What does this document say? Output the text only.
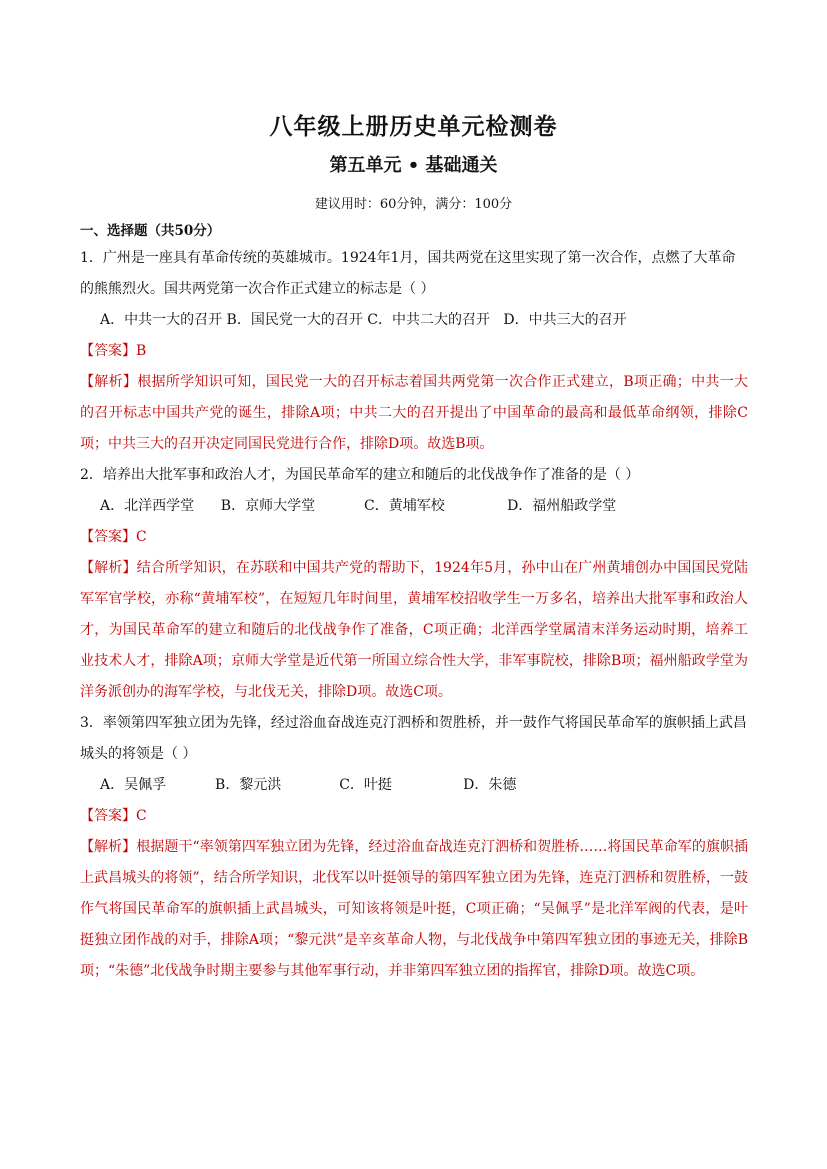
八年级上册历史单元检测卷
第五单元 • 基础通关
建议用时：60分钟，满分：100分
一、选择题（共50分）

1．广州是一座具有革命传统的英雄城市。1924年1月，国共两党在这里实现了第一次合作，点燃了大革命的熊熊烈火。国共两党第一次合作正式建立的标志是（ ）

A．中共一大的召开 B．国民党一大的召开 C．中共二大的召开   D．中共三大的召开

【答案】B

【解析】根据所学知识可知，国民党一大的召开标志着国共两党第一次合作正式建立，B项正确；中共一大的召开标志中国共产党的诞生，排除A项；中共二大的召开提出了中国革命的最高和最低革命纲领，排除C项；中共三大的召开决定同国民党进行合作，排除D项。故选B项。

2．培养出大批军事和政治人才，为国民革命军的建立和随后的北伐战争作了准备的是（ ）

A．北洋西学堂      B．京师大学堂           C．黄埔军校              D．福州船政学堂

【答案】C

【解析】结合所学知识，在苏联和中国共产党的帮助下，1924年5月，孙中山在广州黄埔创办中国国民党陆军军官学校，亦称“黄埔军校”，在短短几年时间里，黄埔军校招收学生一万多名，培养出大批军事和政治人才，为国民革命军的建立和随后的北伐战争作了准备，C项正确；北洋西学堂属清末洋务运动时期，培养工业技术人才，排除A项；京师大学堂是近代第一所国立综合性大学，非军事院校，排除B项；福州船政学堂为洋务派创办的海军学校，与北伐无关，排除D项。故选C项。

3．率领第四军独立团为先锋，经过浴血奋战连克汀泗桥和贺胜桥，并一鼓作气将国民革命军的旗帜插上武昌城头的将领是（ ）

A．吴佩孚           B．黎元洪             C．叶挺                D．朱德

【答案】C

【解析】根据题干“率领第四军独立团为先锋，经过浴血奋战连克汀泗桥和贺胜桥……将国民革命军的旗帜插上武昌城头的将领”，结合所学知识，北伐军以叶挺领导的第四军独立团为先锋，连克汀泗桥和贺胜桥，一鼓作气将国民革命军的旗帜插上武昌城头，可知该将领是叶挺，C项正确；“吴佩孚”是北洋军阀的代表，是叶挺独立团作战的对手，排除A项；“黎元洪”是辛亥革命人物，与北伐战争中第四军独立团的事迹无关，排除B项；“朱德”北伐战争时期主要参与其他军事行动，并非第四军独立团的指挥官，排除D项。故选C项。
